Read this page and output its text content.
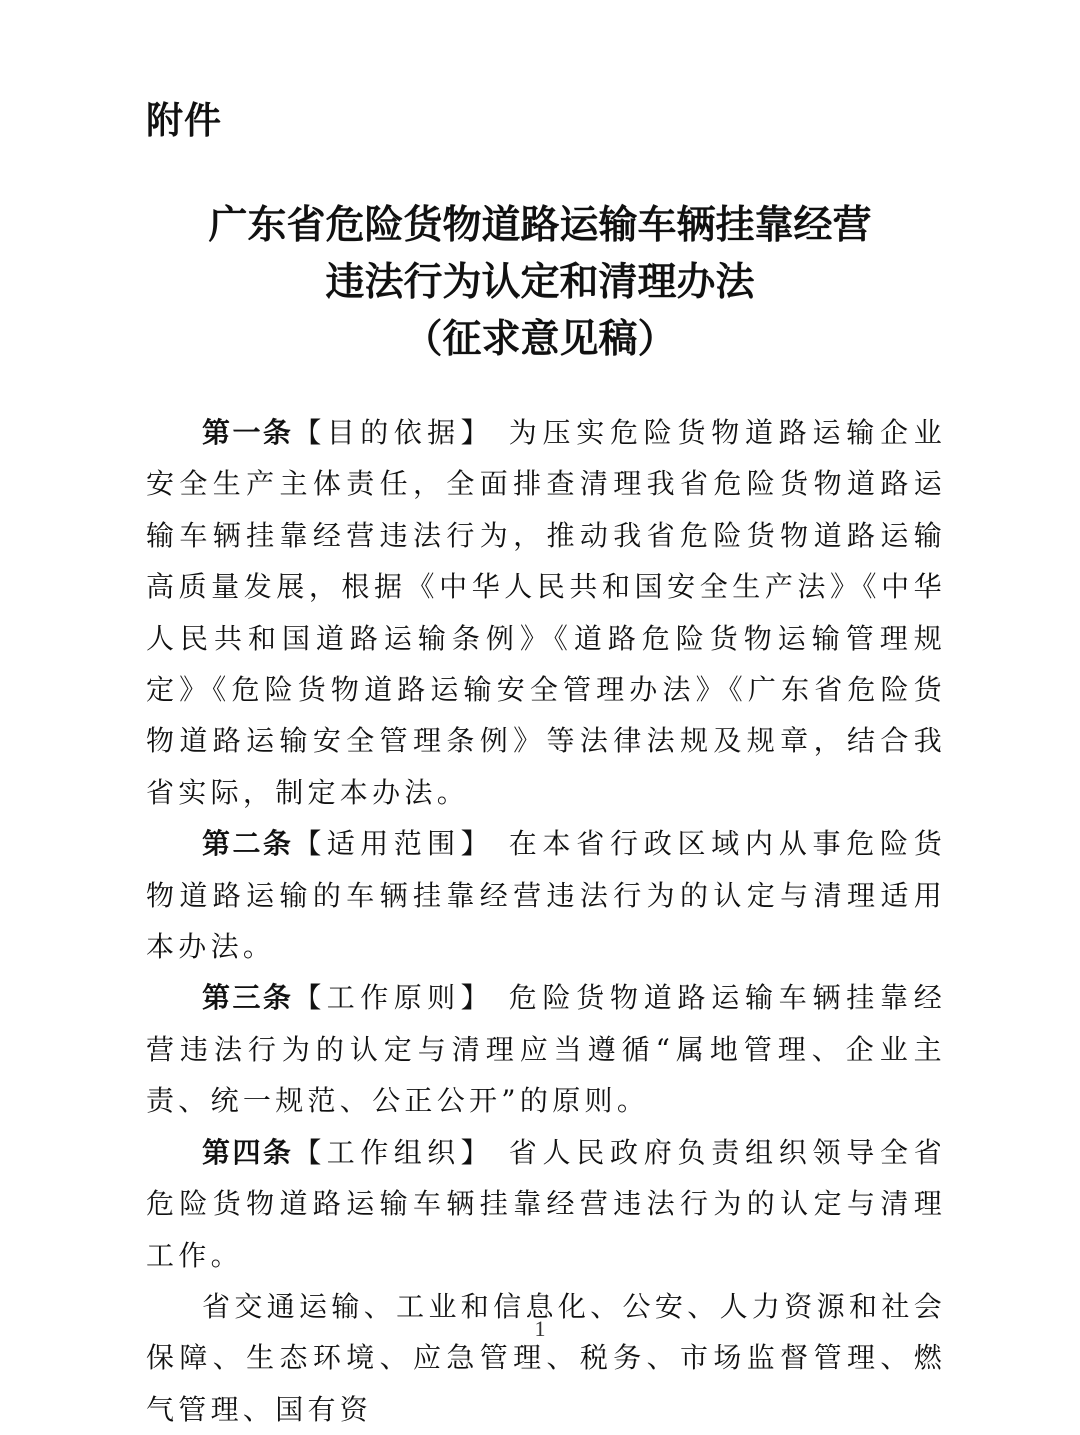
附件
广东省危险货物道路运输车辆挂靠经营
违法行为认定和清理办法
（征求意见稿）

第一条【目的依据】 为压实危险货物道路运输企业安全生产主体责任，全面排查清理我省危险货物道路运输车辆挂靠经营违法行为，推动我省危险货物道路运输高质量发展，根据《中华人民共和国安全生产法》《中华人民共和国道路运输条例》《道路危险货物运输管理规定》《危险货物道路运输安全管理办法》《广东省危险货物道路运输安全管理条例》等法律法规及规章，结合我省实际，制定本办法。

第二条【适用范围】 在本省行政区域内从事危险货物道路运输的车辆挂靠经营违法行为的认定与清理适用本办法。

第三条【工作原则】 危险货物道路运输车辆挂靠经营违法行为的认定与清理应当遵循“属地管理、企业主责、统一规范、公正公开”的原则。

第四条【工作组织】 省人民政府负责组织领导全省危险货物道路运输车辆挂靠经营违法行为的认定与清理工作。

省交通运输、工业和信息化、公安、人力资源和社会保障、生态环境、应急管理、税务、市场监督管理、燃气管理、国有资

1
